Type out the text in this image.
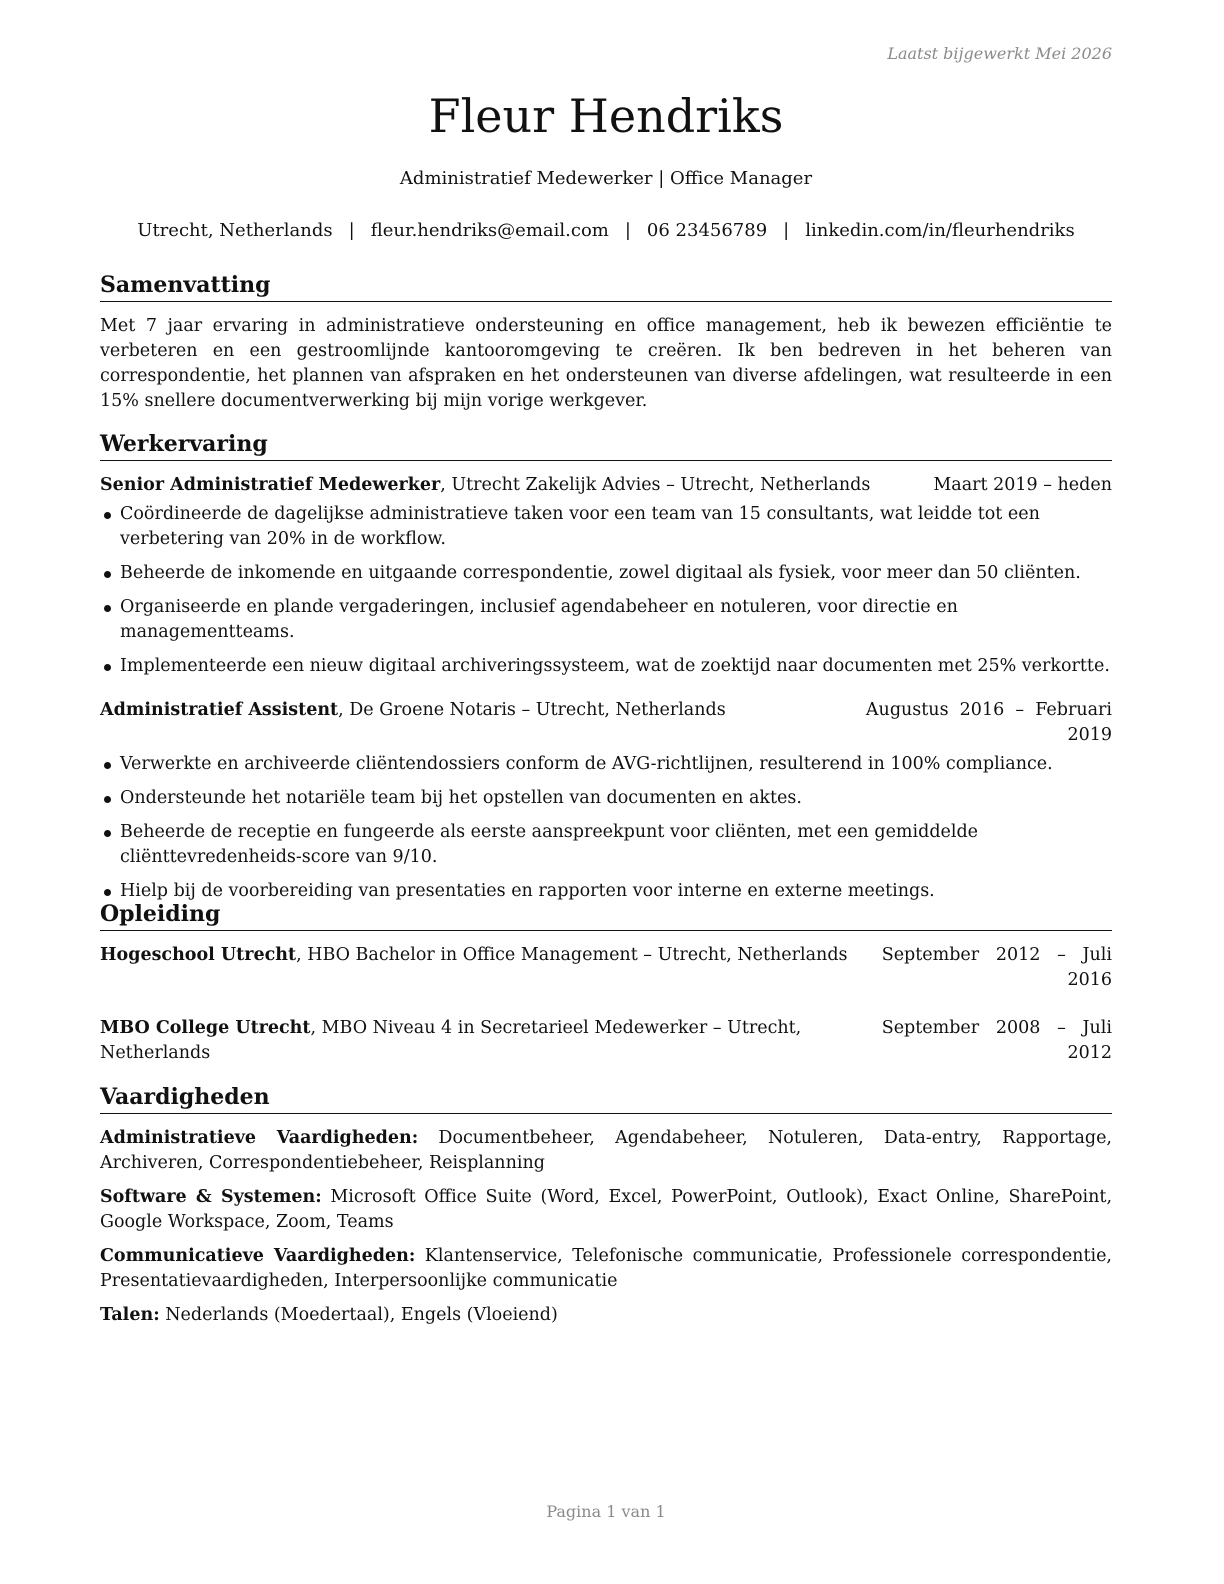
Laatst bijgewerkt Mei 2026
Fleur Hendriks
Administratief Medewerker | Office Manager
Utrecht, Netherlands | fleur.hendriks@email.com | 06 23456789 | linkedin.com/in/fleurhendriks
Samenvatting

Met 7 jaar ervaring in administratieve ondersteuning en office management, heb ik bewezen efficiëntie te verbeteren en een gestroomlijnde kantooromgeving te creëren. Ik ben bedreven in het beheren van correspondentie, het plannen van afspraken en het ondersteunen van diverse afdelingen, wat resulteerde in een 15% snellere documentverwerking bij mijn vorige werkgever.

Werkervaring
Senior Administratief Medewerker, Utrecht Zakelijk Advies – Utrecht, Netherlands	Maart 2019 – heden
Coördineerde de dagelijkse administratieve taken voor een team van 15 consultants, wat leidde tot een verbetering van 20% in de workflow.
Beheerde de inkomende en uitgaande correspondentie, zowel digitaal als fysiek, voor meer dan 50 cliënten.
Organiseerde en plande vergaderingen, inclusief agendabeheer en notuleren, voor directie en managementteams.
Implementeerde een nieuw digitaal archiveringssysteem, wat de zoektijd naar documenten met 25% verkortte.
Administratief Assistent, De Groene Notaris – Utrecht, Netherlands	Augustus  2016  –  Februari
2019
Verwerkte en archiveerde cliëntendossiers conform de AVG-richtlijnen, resulterend in 100% compliance.
Ondersteunde het notariële team bij het opstellen van documenten en aktes.
Beheerde de receptie en fungeerde als eerste aanspreekpunt voor cliënten, met een gemiddelde cliënttevredenheids-score van 9/10.
Hielp bij de voorbereiding van presentaties en rapporten voor interne en externe meetings.
Opleiding
Hogeschool Utrecht, HBO Bachelor in Office Management – Utrecht, Netherlands September   2012   –   Juli
2016
MBO College Utrecht, MBO Niveau 4 in Secretarieel Medewerker – Utrecht, Netherlands
September   2008   –   Juli
2012
Vaardigheden

Administratieve Vaardigheden: Documentbeheer, Agendabeheer, Notuleren, Data-entry, Rapportage, Archiveren, Correspondentiebeheer, Reisplanning

Software & Systemen: Microsoft Office Suite (Word, Excel, PowerPoint, Outlook), Exact Online, SharePoint, Google Workspace, Zoom, Teams

Communicatieve Vaardigheden: Klantenservice, Telefonische communicatie, Professionele correspondentie, Presentatievaardigheden, Interpersoonlijke communicatie

Talen: Nederlands (Moedertaal), Engels (Vloeiend)

Pagina 1 van 1
